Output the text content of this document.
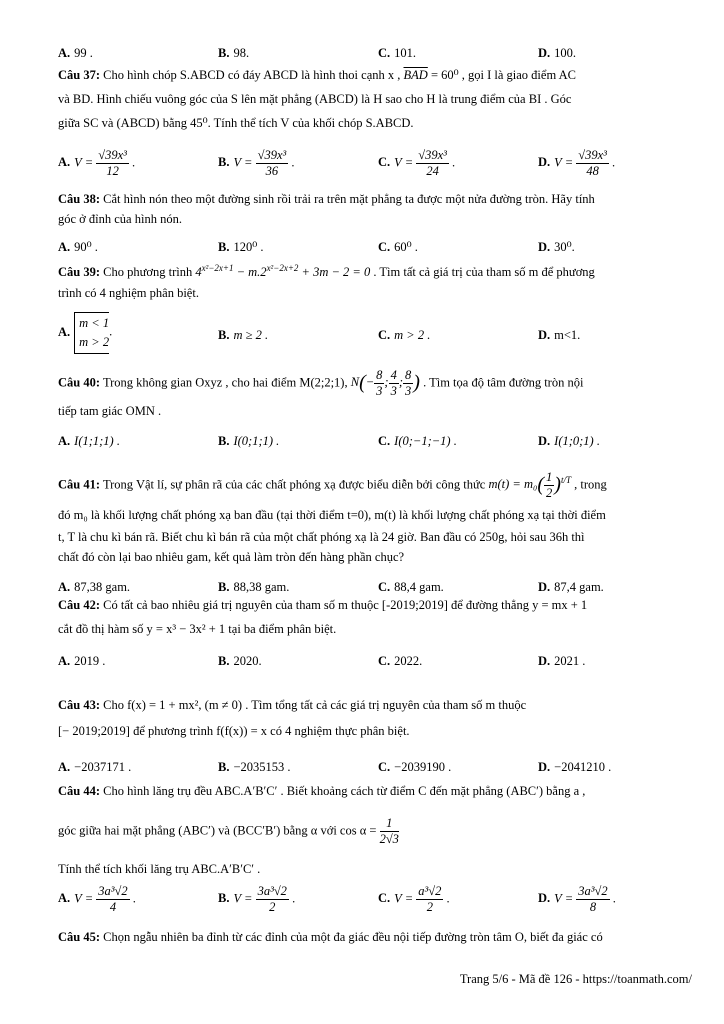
A. 99 .	B. 98.	C. 101.	D. 100.
Câu 37: Cho hình chóp S.ABCD có đáy ABCD là hình thoi cạnh x , $\overline{BAD} = 60^0$ , gọi I là giao điểm AC
và BD. Hình chiếu vuông góc của S lên mặt phẳng (ABCD) là H sao cho H là trung điểm của BI . Góc
giữa SC và (ABCD) bằng 45⁰. Tính thể tích V của khối chóp S.ABCD.
A. $V = \frac{\text{√39x³}}{12}$ .	B. $V = \frac{\text{√39x³}}{36}$ .	C. $V = \frac{\text{√39x³}}{24}$ .	D. $V = \frac{\text{√39x³}}{48}$ .
Câu 38: Cắt hình nón theo một đường sinh rồi trải ra trên mặt phẳng ta được một nửa đường tròn. Hãy tính
góc ở đỉnh của hình nón.
A. 90⁰ .	B. 120⁰ .	C. 60⁰ .	D. 30⁰.
Câu 39: Cho phương trình $4^{x^2-2x+1} - m.2^{x^2-2x+2} + 3m - 2 = 0$ . Tìm tất cả giá trị của tham số m để phương
trình có 4 nghiệm phân biệt.
A.
m < 1
m > 2
.	B. m ≥ 2 .	C. m > 2 .	D. m<1.
Câu 40: Trong không gian Oxyz , cho hai điểm M(2;2;1), $N(- \frac{8}{3}$ ; $\frac{4}{3}$ ; $\frac{8}{3}$ ) . Tìm tọa độ tâm đường tròn nội
tiếp tam giác OMN .
A. I(1;1;1) .	B. I(0;1;1) .	C. I(0;−1;−1) .	D. I(1;0;1) .
Câu 41: Trong Vật lí, sự phân rã của các chất phóng xạ được biểu diễn bởi công thức $m(t) = m_0( \frac{1}{2} )^{t/T}$ , trong
đó m₀ là khối lượng chất phóng xạ ban đầu (tại thời điểm t=0), m(t) là khối lượng chất phóng xạ tại thời điểm
t, T là chu kì bán rã. Biết chu kì bán rã của một chất phóng xạ là 24 giờ. Ban đầu có 250g, hỏi sau 36h thì
chất đó còn lại bao nhiêu gam, kết quả làm tròn đến hàng phần chục?
A. 87,38 gam.	B. 88,38 gam.	C. 88,4 gam.	D. 87,4 gam.
Câu 42: Có tất cả bao nhiêu giá trị nguyên của tham số m thuộc [-2019;2019] để đường thẳng y = mx + 1
cắt đồ thị hàm số y = x³ − 3x² + 1 tại ba điểm phân biệt.
A. 2019 .	B. 2020.	C. 2022.	D. 2021 .
Câu 43: Cho f(x) = 1 + mx², (m ≠ 0) . Tìm tổng tất cả các giá trị nguyên của tham số m thuộc
[− 2019;2019] để phương trình f(f(x)) = x có 4 nghiệm thực phân biệt.
A. −2037171 .	B. −2035153 .	C. −2039190 .	D. −2041210 .
Câu 44: Cho hình lăng trụ đều ABC.A′B′C′ . Biết khoảng cách từ điểm C đến mặt phẳng (ABC′) bằng a ,
góc giữa hai mặt phẳng (ABC′) và (BCC′B′) bằng α với $\cos \alpha = \frac{1}{2√3}$
Tính thể tích khối lăng trụ ABC.A′B′C′ .
A. $V = \frac{\text{3a³√2}}{4}$ .	B. $V = \frac{\text{3a³√2}}{2}$ .	C. $V = \frac{\text{a³√2}}{2}$ .	D. $V = \frac{\text{3a³√2}}{8}$ .
Câu 45: Chọn ngẫu nhiên ba đỉnh từ các đỉnh của một đa giác đều nội tiếp đường tròn tâm O, biết đa giác có
Trang 5/6 - Mã đề 126 - https://toanmath.com/
